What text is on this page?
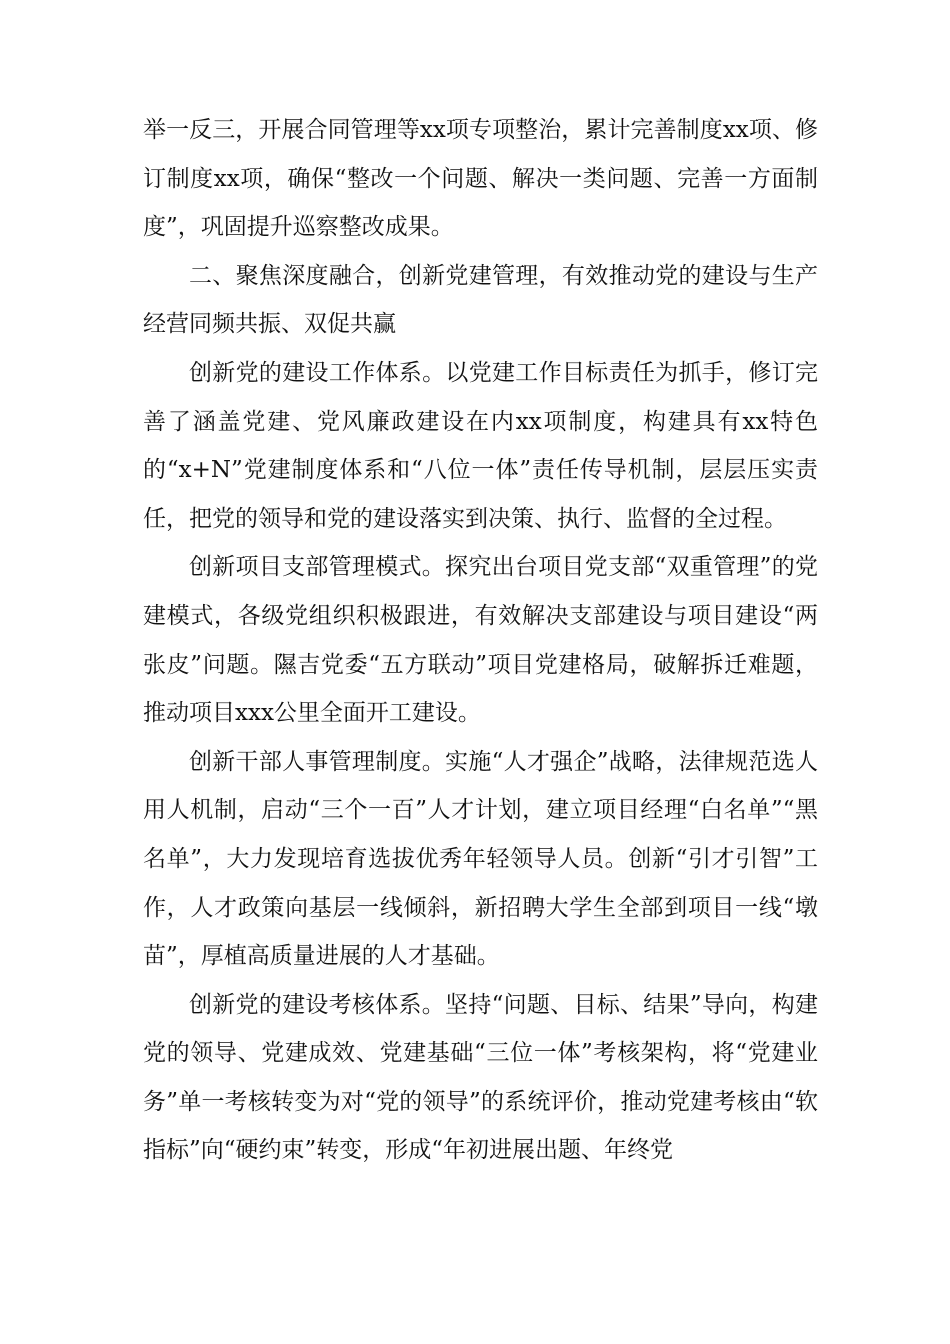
举一反三，开展合同管理等xx项专项整治，累计完善制度xx项、修订制度xx项，确保“整改一个问题、解决一类问题、完善一方面制度”，巩固提升巡察整改成果。

二、聚焦深度融合，创新党建管理，有效推动党的建设与生产经营同频共振、双促共赢

创新党的建设工作体系。以党建工作目标责任为抓手，修订完善了涵盖党建、党风廉政建设在内xx项制度，构建具有xx特色的“x+N”党建制度体系和“八位一体”责任传导机制，层层压实责任，把党的领导和党的建设落实到决策、执行、监督的全过程。

创新项目支部管理模式。探究出台项目党支部“双重管理”的党建模式，各级党组织积极跟进，有效解决支部建设与项目建设“两张皮”问题。隰吉党委“五方联动”项目党建格局，破解拆迁难题，推动项目xxx公里全面开工建设。

创新干部人事管理制度。实施“人才强企”战略，法律规范选人用人机制，启动“三个一百”人才计划，建立项目经理“白名单”“黑名单”，大力发现培育选拔优秀年轻领导人员。创新“引才引智”工作，人才政策向基层一线倾斜，新招聘大学生全部到项目一线“墩苗”，厚植高质量进展的人才基础。

创新党的建设考核体系。坚持“问题、目标、结果”导向，构建党的领导、党建成效、党建基础“三位一体”考核架构，将“党建业务”单一考核转变为对“党的领导”的系统评价，推动党建考核由“软指标”向“硬约束”转变，形成“年初进展出题、年终党
